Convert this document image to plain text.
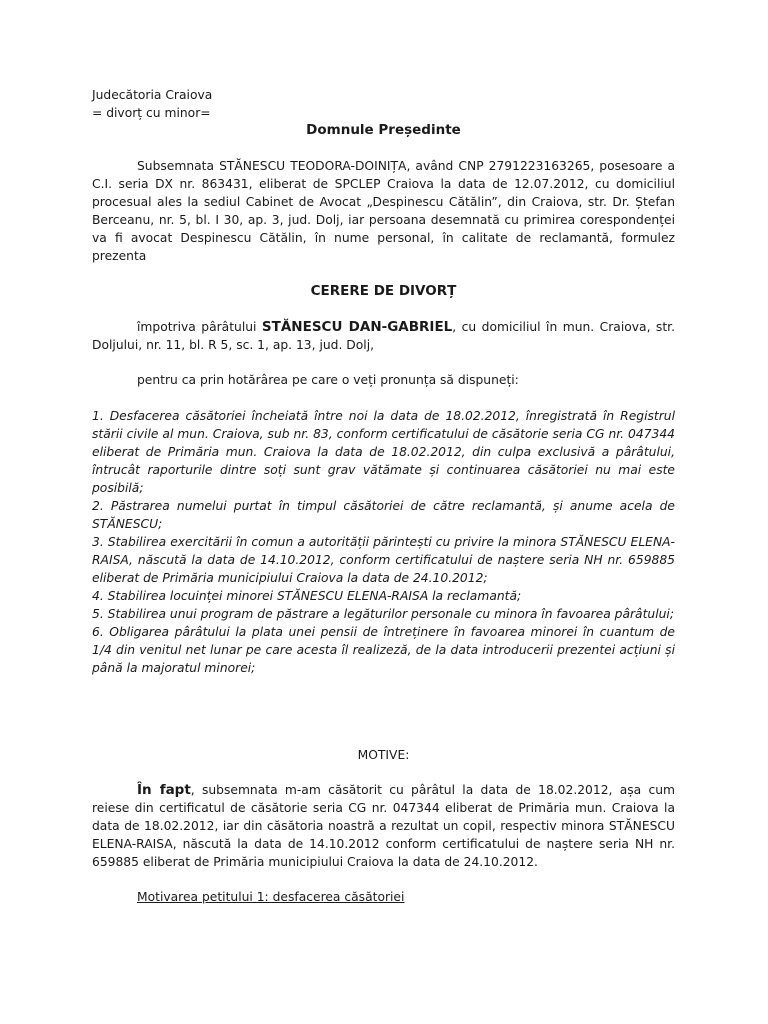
Judecătoria Craiova

= divorț cu minor=

Domnule Președinte

Subsemnata STĂNESCU TEODORA-DOINIȚA, având CNP 2791223163265, posesoare a C.I. seria DX nr. 863431, eliberat de SPCLEP Craiova la data de 12.07.2012, cu domiciliul procesual ales la sediul Cabinet de Avocat „Despinescu Cătălin”, din Craiova, str. Dr. Ștefan Berceanu, nr. 5, bl. I 30, ap. 3, jud. Dolj, iar persoana desemnată cu primirea corespondenței va fi avocat Despinescu Cătălin, în nume personal, în calitate de reclamantă, formulez prezenta

CERERE DE DIVORȚ

împotriva pârâtului STĂNESCU DAN-GABRIEL, cu domiciliul în mun. Craiova, str. Doljului, nr. 11, bl. R 5, sc. 1, ap. 13, jud. Dolj,

pentru ca prin hotărârea pe care o veți pronunța să dispuneți:

1. Desfacerea căsătoriei încheiată între noi la data de 18.02.2012, înregistrată în Registrul stării civile al mun. Craiova, sub nr. 83, conform certificatului de căsătorie seria CG nr. 047344 eliberat de Primăria mun. Craiova la data de 18.02.2012, din culpa exclusivă a pârâtului, întrucât raporturile dintre soți sunt grav vătămate și continuarea căsătoriei nu mai este posibilă;

2. Păstrarea numelui purtat în timpul căsătoriei de către reclamantă, și anume acela de STĂNESCU;

3. Stabilirea exercitării în comun a autorității părintești cu privire la minora STĂNESCU ELENA-RAISA, născută la data de 14.10.2012, conform certificatului de naștere seria NH nr. 659885 eliberat de Primăria municipiului Craiova la data de 24.10.2012;

4. Stabilirea locuinței minorei STĂNESCU ELENA-RAISA la reclamantă;

5. Stabilirea unui program de păstrare a legăturilor personale cu minora în favoarea pârâtului;

6. Obligarea pârâtului la plata unei pensii de întreținere în favoarea minorei în cuantum de 1/4 din venitul net lunar pe care acesta îl realizeză, de la data introducerii prezentei acțiuni și până la majoratul minorei;

MOTIVE:

În fapt, subsemnata m-am căsătorit cu pârâtul la data de 18.02.2012, așa cum reiese din certificatul de căsătorie seria CG nr. 047344 eliberat de Primăria mun. Craiova la data de 18.02.2012, iar din căsătoria noastră a rezultat un copil, respectiv minora STĂNESCU ELENA-RAISA, născută la data de 14.10.2012 conform certificatului de naștere seria NH nr. 659885 eliberat de Primăria municipiului Craiova la data de 24.10.2012.

Motivarea petitului 1: desfacerea căsătoriei
